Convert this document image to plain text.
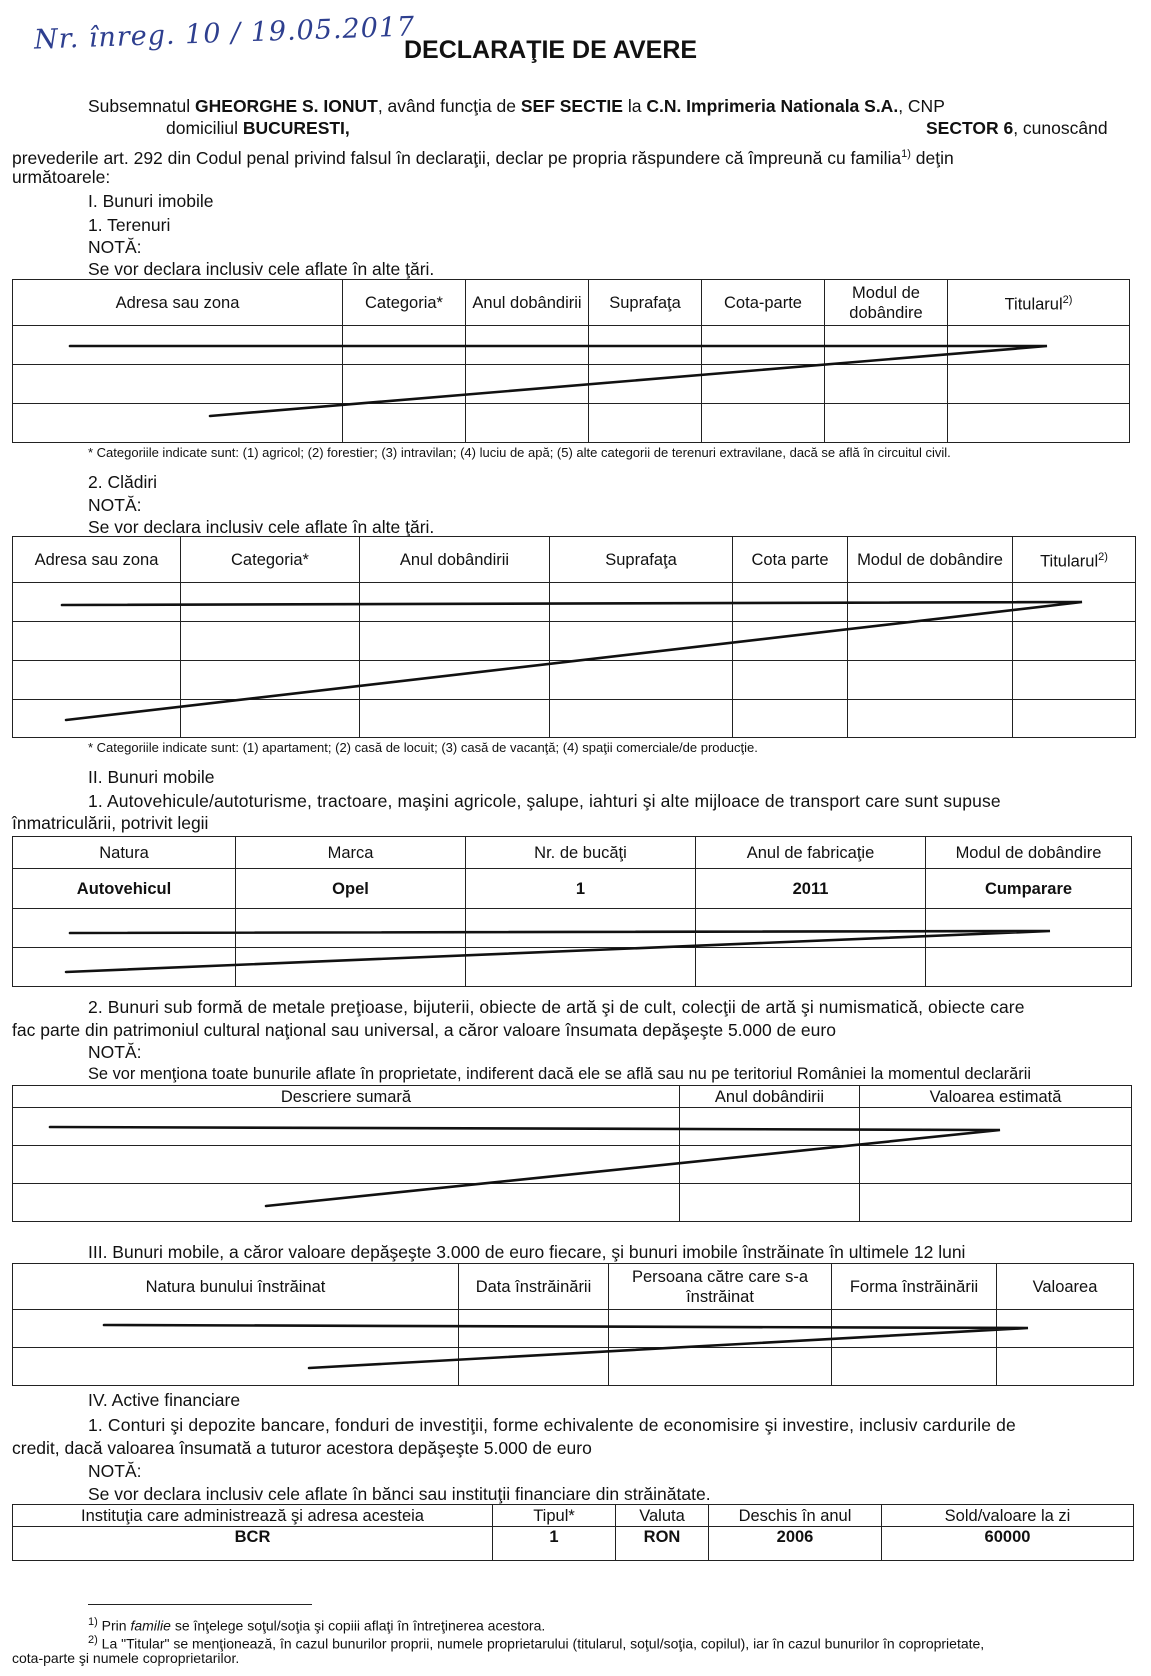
Nr. înreg. 10 / 19.05.2017
DECLARAŢIE DE AVERE
Subsemnatul GHEORGHE S. IONUT, având funcţia de SEF SECTIE la C.N. Imprimeria Nationala S.A., CNP
domiciliul BUCURESTI,	SECTOR 6, cunoscând
prevederile art. 292 din Codul penal privind falsul în declaraţii, declar pe propria răspundere că împreună cu familia$^{1)}$ deţin
următoarele:
I. Bunuri imobile
1. Terenuri
NOTĂ:
Se vor declara inclusiv cele aflate în alte ţări.
Adresa sau zona	Categoria*	Anul dobândirii	Suprafaţa	Cota-parte	Modul de dobândire	Titularul$^{2)}$

* Categoriile indicate sunt: (1) agricol; (2) forestier; (3) intravilan; (4) luciu de apă; (5) alte categorii de terenuri extravilane, dacă se află în circuitul civil.
2. Clădiri
NOTĂ:
Se vor declara inclusiv cele aflate în alte ţări.
Adresa sau zona	Categoria*	Anul dobândirii	Suprafaţa	Cota parte	Modul de dobândire	Titularul$^{2)}$

* Categoriile indicate sunt: (1) apartament; (2) casă de locuit; (3) casă de vacanţă; (4) spaţii comerciale/de producţie.
II. Bunuri mobile
1. Autovehicule/autoturisme, tractoare, maşini agricole, şalupe, iahturi şi alte mijloace de transport care sunt supuse
înmatriculării, potrivit legii
Natura	Marca	Nr. de bucăţi	Anul de fabricaţie	Modul de dobândire
Autovehicul	Opel	1	2011	Cumparare

2. Bunuri sub formă de metale preţioase, bijuterii, obiecte de artă şi de cult, colecţii de artă şi numismatică, obiecte care
fac parte din patrimoniul cultural naţional sau universal, a căror valoare însumata depăşeşte 5.000 de euro
NOTĂ:
Se vor menţiona toate bunurile aflate în proprietate, indiferent dacă ele se află sau nu pe teritoriul României la momentul declarării
Descriere sumară	Anul dobândirii	Valoarea estimată

III. Bunuri mobile, a căror valoare depăşeşte 3.000 de euro fiecare, şi bunuri imobile înstrăinate în ultimele 12 luni
Natura bunului înstrăinat	Data înstrăinării	Persoana către care s-a înstrăinat	Forma înstrăinării	Valoarea

IV. Active financiare
1. Conturi şi depozite bancare, fonduri de investiţii, forme echivalente de economisire şi investire, inclusiv cardurile de
credit, dacă valoarea însumată a tuturor acestora depăşeşte 5.000 de euro
NOTĂ:
Se vor declara inclusiv cele aflate în bănci sau instituţii financiare din străinătate.
Instituţia care administrează şi adresa acesteia	Tipul*	Valuta	Deschis în anul	Sold/valoare la zi
BCR	1	RON	2006	60000
$^{1)}$ Prin familie se înţelege soţul/soţia şi copiii aflaţi în întreţinerea acestora.
$^{2)}$ La "Titular" se menţionează, în cazul bunurilor proprii, numele proprietarului (titularul, soţul/soţia, copilul), iar în cazul bunurilor în coproprietate,
cota-parte şi numele coproprietarilor.
